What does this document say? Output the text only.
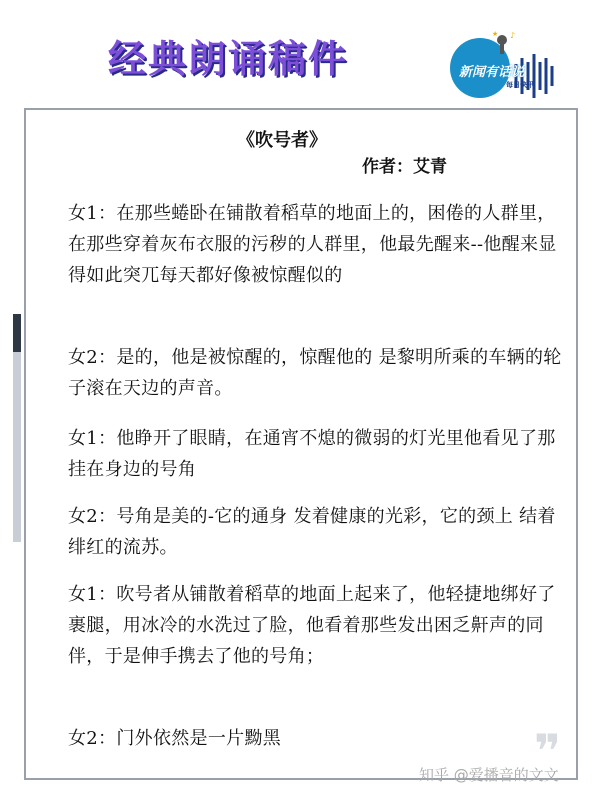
经典朗诵稿件
♪
★
新闻有话说
每日快讯
《吹号者》
作者：艾青

女1：在那些蜷卧在铺散着稻草的地面上的，困倦的人群里，在那些穿着灰布衣服的污秽的人群里，他最先醒来--他醒来显得如此突兀每天都好像被惊醒似的

女2：是的，他是被惊醒的，惊醒他的 是黎明所乘的车辆的轮子滚在天边的声音。

女1：他睁开了眼睛，在通宵不熄的微弱的灯光里他看见了那挂在身边的号角

女2：号角是美的-它的通身 发着健康的光彩，它的颈上 结着绯红的流苏。

女1：吹号者从铺散着稻草的地面上起来了，他轻捷地绑好了裹腿，用冰冷的水洗过了脸，他看着那些发出困乏鼾声的同伴，于是伸手携去了他的号角；

女2：门外依然是一片黝黑	❞
知乎 @爱播音的文文
